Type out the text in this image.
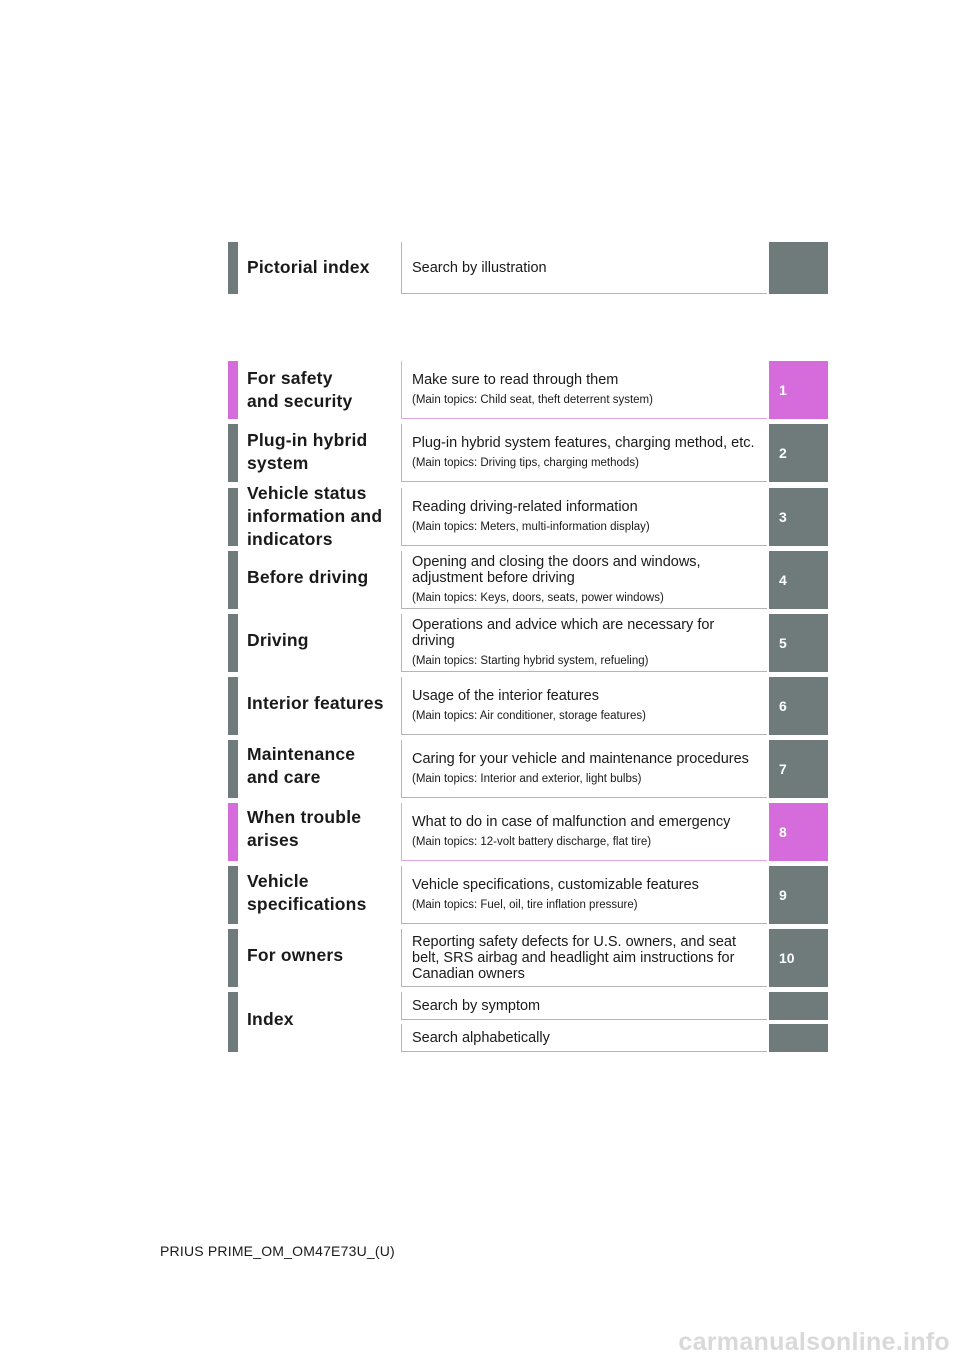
Pictorial index	Search by illustration
For safety
and security
Make sure to read through them
(Main topics: Child seat, theft deterrent system)
1
Plug-in hybrid
system
Plug-in hybrid system features, charging method, etc.
(Main topics: Driving tips, charging methods)
2
Vehicle status
information and
indicators
Reading driving-related information
(Main topics: Meters, multi-information display)
3
Before driving
Opening and closing the doors and windows, adjustment before driving
(Main topics: Keys, doors, seats, power windows)
4
Driving
Operations and advice which are necessary for driving
(Main topics: Starting hybrid system, refueling)
5
Interior features	Usage of the interior features
(Main topics: Air conditioner, storage features)
6
Maintenance
and care
Caring for your vehicle and maintenance procedures
(Main topics: Interior and exterior, light bulbs)
7
When trouble
arises
What to do in case of malfunction and emergency
(Main topics: 12-volt battery discharge, flat tire)
8
Vehicle
specifications
Vehicle specifications, customizable features
(Main topics: Fuel, oil, tire inflation pressure)
9
For owners
Reporting safety defects for U.S. owners, and seat belt, SRS airbag and headlight aim instructions for Canadian owners
10
Index
Search by symptom
Search alphabetically
PRIUS PRIME_OM_OM47E73U_(U)
carmanualsonline.info
